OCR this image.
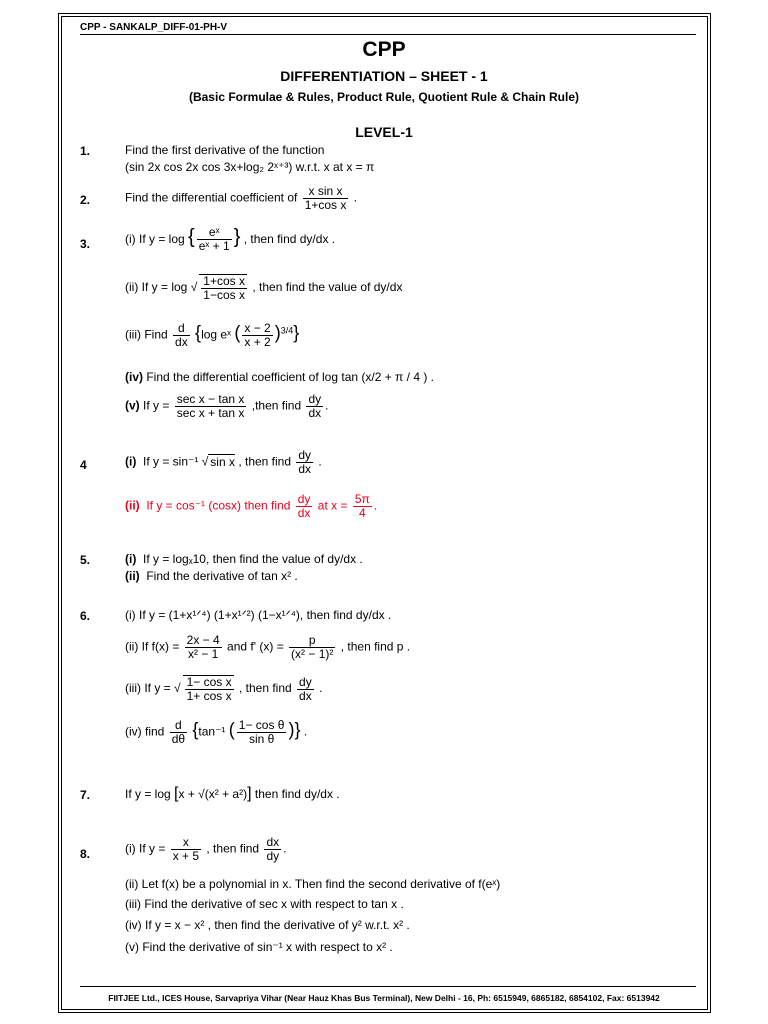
CPP - SANKALP_DIFF-01-PH-V
CPP
DIFFERENTIATION – SHEET - 1
(Basic Formulae & Rules, Product Rule, Quotient Rule & Chain Rule)
LEVEL-1
1.	Find the first derivative of the function
(sin 2x cos 2x cos 3x+log₂ 2ˣ⁺³) w.r.t. x at x = π
2.	Find the differential coefficient of $\frac{\text{x sin x}}{\text{1+cos x}}$ .
3.	(i) If y = log { $\frac{\text{eˣ}}{\text{eˣ + 1}}$ } , then find dy/dx .
(ii) If y = log √ $\frac{\text{1+cos x}}{\text{1−cos x}}$ , then find the value of dy/dx
(iii) Find $\frac{d}{dx} \{\log$ eˣ ( $\frac{x - 2}{x + 2} )^{3/4}$}
(iv) Find the differential coefficient of log tan (x/2 + π / 4 ) .
(v) If $y = \frac{\text{sec x − tan x}}{\text{sec x + tan x}}$ ,then find $\frac{dy}{dx}$ .
4	(i) If y = sin⁻¹ √ sin x , then find $\frac{dy}{dx}$ .
(ii) If y = cos⁻¹ (cosx) then find $\frac{dy}{dx}$ at $x = \frac{5\pi}{4}$ .
5.	(i) If y = logₓ10, then find the value of dy/dx .
(ii) Find the derivative of tan x² .
6.	(i) If y = (1+x¹ᐟ⁴) (1+x¹ᐟ²) (1−x¹ᐟ⁴), then find dy/dx .
(ii) If $f(x) = \frac{2x - 4}{\text{x² − 1}}$ and f' $(x) = \frac{p}{\text{(x² − 1)²}}$ , then find p .
(iii) If y = √ $\frac{\text{1− cos x}}{\text{1+ cos x}}$ , then find $\frac{dy}{dx}$ .
(iv) find $\frac{d}{d\theta} \{\tan^{-1}$ ( $\frac{\text{1− cos θ}}{\text{sin θ}}$ )} .
7.	If y = log [x + √(x² + a²)] then find dy/dx .
8.	(i) If $y = \frac{x}{x + 5}$ , then find $\frac{dx}{dy}$ .
(ii) Let f(x) be a polynomial in x. Then find the second derivative of f(eˣ)
(iii) Find the derivative of sec x with respect to tan x .
(iv) If y = x − x² , then find the derivative of y² w.r.t. x² .
(v) Find the derivative of sin⁻¹ x with respect to x² .
FIITJEE Ltd., ICES House, Sarvapriya Vihar (Near Hauz Khas Bus Terminal), New Delhi - 16, Ph: 6515949, 6865182, 6854102, Fax: 6513942
